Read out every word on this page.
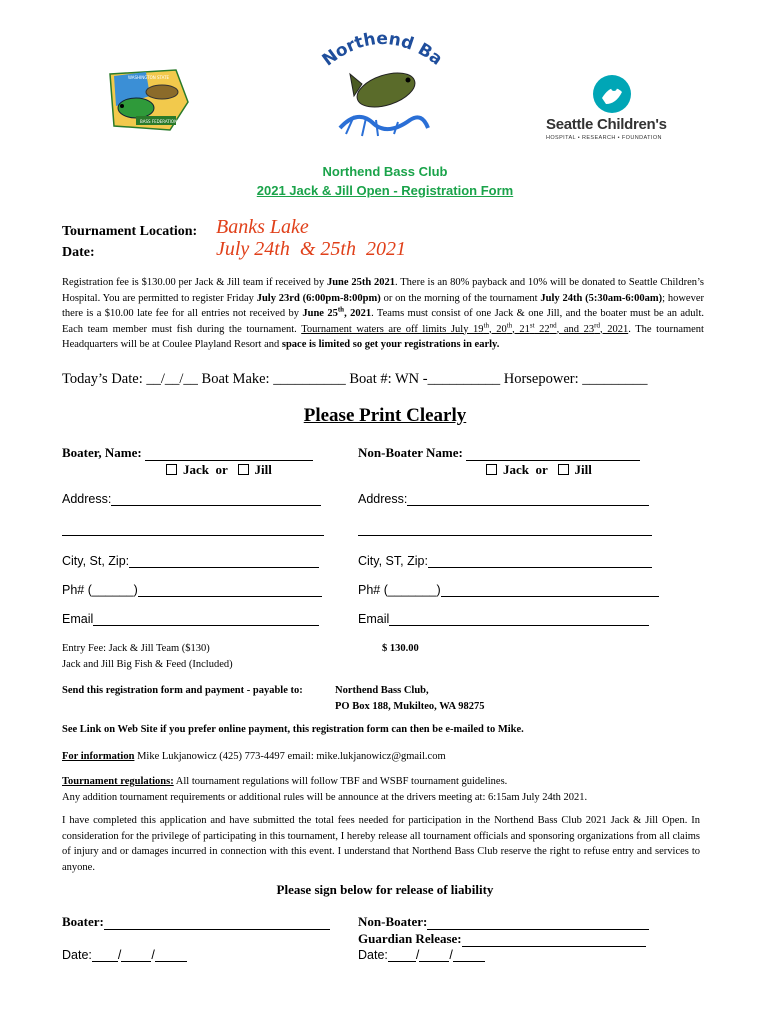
WASHINGTON STATE
BASS FEDERATION
Northend Ba
Seattle Children's
HOSPITAL • RESEARCH • FOUNDATION
Northend Bass Club
2021 Jack & Jill Open - Registration Form
Tournament Location: Banks Lake
Date:	July 24th  & 25th  2021
Registration fee is $130.00 per Jack & Jill team if received by June 25th 2021. There is an 80% payback and 10% will be donated to Seattle Children’s Hospital. You are permitted to register Friday July 23rd (6:00pm-8:00pm) or on the morning of the tournament July 24th (5:30am-6:00am); however there is a $10.00 late fee for all entries not received by June 25th, 2021. Teams must consist of one Jack & one Jill, and the boater must be an adult. Each team member must fish during the tournament. Tournament waters are off limits July 19th, 20th, 21st 22nd, and 23rd, 2021. The tournament Headquarters will be at Coulee Playland Resort and space is limited so get your registrations in early.
Today’s Date: __/__/__ Boat Make: __________ Boat #: WN -__________ Horsepower: _________
Please Print Clearly
Boater, Name:
Jack or Jill
Address:
City, St, Zip:
Ph# (______)
Email
Non-Boater Name:
Jack or Jill
Address:
City, ST, Zip:
Ph# (_______)
Email
Entry Fee: Jack & Jill Team ($130)
Jack and Jill Big Fish & Feed (Included)
$ 130.00
Send this registration form and payment - payable to:	Northend Bass Club,
PO Box 188, Mukilteo, WA 98275
See Link on Web Site if you prefer online payment, this registration form can then be e-mailed to Mike.
For information Mike Lukjanowicz (425) 773-4497 email: mike.lukjanowicz@gmail.com
Tournament regulations: All tournament regulations will follow TBF and WSBF tournament guidelines.
Any addition tournament requirements or additional rules will be announce at the drivers meeting at: 6:15am July 24th 2021.
I have completed this application and have submitted the total fees needed for participation in the Northend Bass Club 2021 Jack & Jill Open. In consideration for the privilege of participating in this tournament, I hereby release all tournament officials and sponsoring organizations from all claims of injury and or damages incurred in connection with this event. I understand that Northend Bass Club reserve the right to refuse entry and services to anyone.
Please sign below for release of liability
Boater:
Date: / /
Non-Boater:
Guardian Release:
Date: / /
